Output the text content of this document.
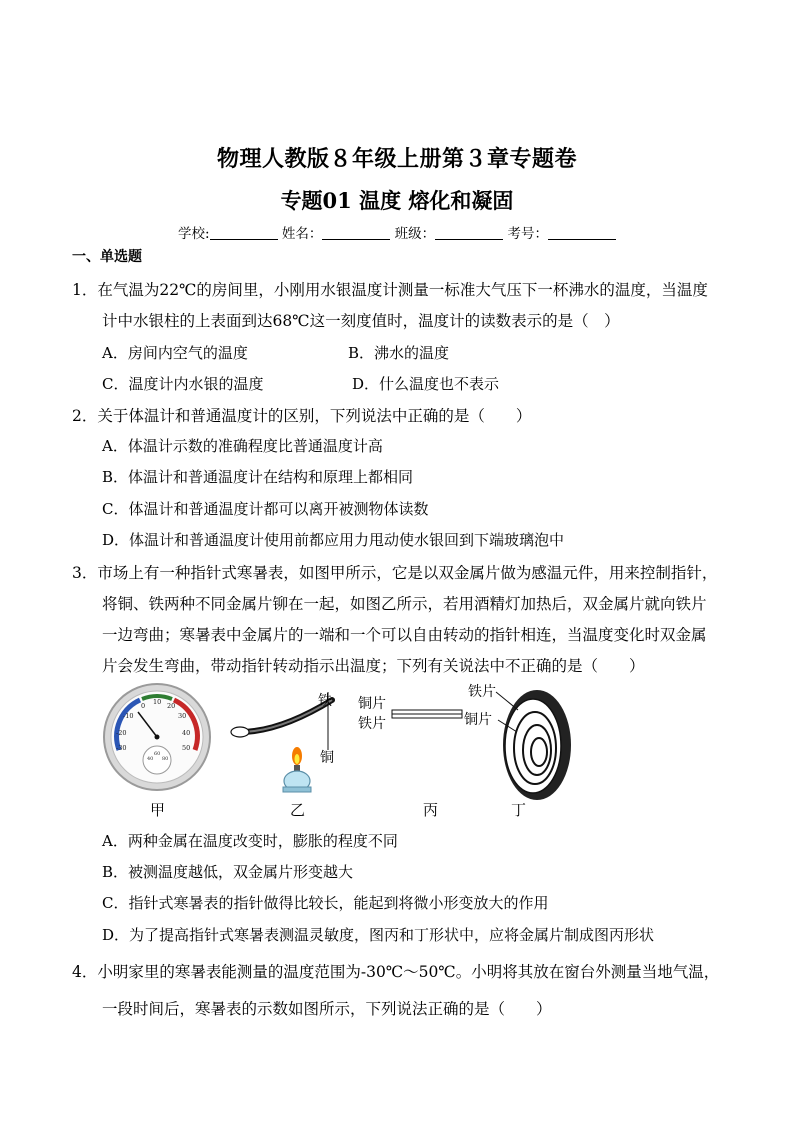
物理人教版８年级上册第３章专题卷
专题01 温度 熔化和凝固
学校:	姓名：	班级：	考号：
一、单选题
1．在气温为22℃的房间里，小刚用水银温度计测量一标准大气压下一杯沸水的温度，当温度
计中水银柱的上表面到达68℃这一刻度值时，温度计的读数表示的是（　）
A．房间内空气的温度	B．沸水的温度
C．温度计内水银的温度	D．什么温度也不表示
2．关于体温计和普通温度计的区别，下列说法中正确的是（　　）
A．体温计示数的准确程度比普通温度计高
B．体温计和普通温度计在结构和原理上都相同
C．体温计和普通温度计都可以离开被测物体读数
D．体温计和普通温度计使用前都应用力甩动使水银回到下端玻璃泡中
3．市场上有一种指针式寒暑表，如图甲所示，它是以双金属片做为感温元件，用来控制指针，
将铜、铁两种不同金属片铆在一起，如图乙所示，若用酒精灯加热后，双金属片就向铁片
一边弯曲；寒暑表中金属片的一端和一个可以自由转动的指针相连，当温度变化时双金属
片会发生弯曲，带动指针转动指示出温度；下列有关说法中不正确的是（　　）
-10
0 10 20
30
40
50
-20
-30
40
60
80
铁
铜
铜片
铁片
铁片
铜片
甲	乙	丙	丁
A．两种金属在温度改变时，膨胀的程度不同
B．被测温度越低，双金属片形变越大
C．指针式寒暑表的指针做得比较长，能起到将微小形变放大的作用
D．为了提高指针式寒暑表测温灵敏度，图丙和丁形状中，应将金属片制成图丙形状
4．小明家里的寒暑表能测量的温度范围为-30℃～50℃。小明将其放在窗台外测量当地气温，
一段时间后，寒暑表的示数如图所示，下列说法正确的是（　　）
